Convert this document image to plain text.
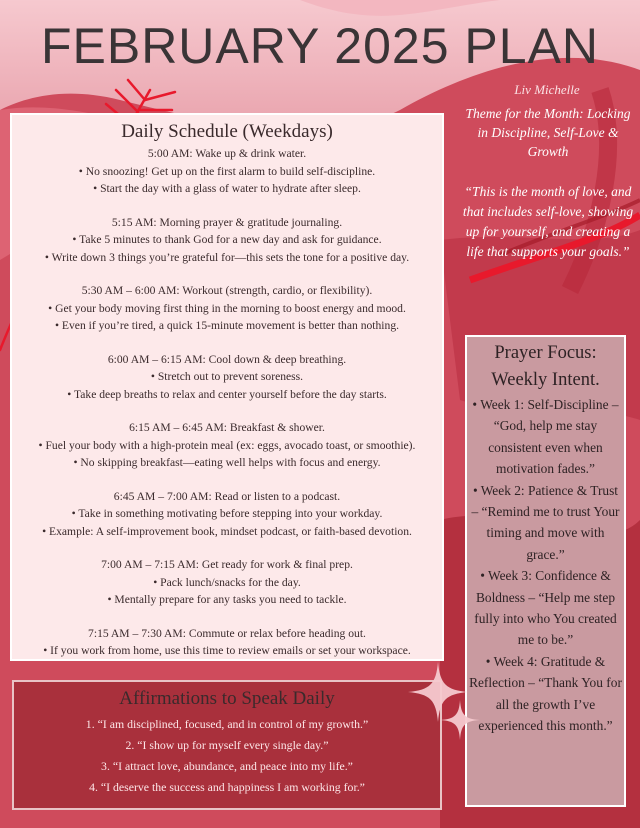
FEBRUARY 2025 PLAN
Liv Michelle
Theme for the Month: Locking in Discipline, Self-Love & Growth
“This is the month of love, and that includes self-love, showing up for yourself, and creating a life that supports your goals.”
Daily Schedule (Weekdays)
5:00 AM: Wake up & drink water.
• No snoozing! Get up on the first alarm to build self-discipline.
• Start the day with a glass of water to hydrate after sleep.
5:15 AM: Morning prayer & gratitude journaling.
• Take 5 minutes to thank God for a new day and ask for guidance.
• Write down 3 things you’re grateful for—this sets the tone for a positive day.
5:30 AM – 6:00 AM: Workout (strength, cardio, or flexibility).
• Get your body moving first thing in the morning to boost energy and mood.
• Even if you’re tired, a quick 15-minute movement is better than nothing.
6:00 AM – 6:15 AM: Cool down & deep breathing.
• Stretch out to prevent soreness.
• Take deep breaths to relax and center yourself before the day starts.
6:15 AM – 6:45 AM: Breakfast & shower.
• Fuel your body with a high-protein meal (ex: eggs, avocado toast, or smoothie).
• No skipping breakfast—eating well helps with focus and energy.
6:45 AM – 7:00 AM: Read or listen to a podcast.
• Take in something motivating before stepping into your workday.
• Example: A self-improvement book, mindset podcast, or faith-based devotion.
7:00 AM – 7:15 AM: Get ready for work & final prep.
• Pack lunch/snacks for the day.
• Mentally prepare for any tasks you need to tackle.
7:15 AM – 7:30 AM: Commute or relax before heading out.
• If you work from home, use this time to review emails or set your workspace.
Affirmations to Speak Daily
1. “I am disciplined, focused, and in control of my growth.”
2. “I show up for myself every single day.”
3. “I attract love, abundance, and peace into my life.”
4. “I deserve the success and happiness I am working for.”
Prayer Focus: Weekly Intent.
• Week 1: Self-Discipline – “God, help me stay consistent even when motivation fades.”
• Week 2: Patience & Trust – “Remind me to trust Your timing and move with grace.”
• Week 3: Confidence & Boldness – “Help me step fully into who You created me to be.”
• Week 4: Gratitude & Reflection – “Thank You for all the growth I’ve experienced this month.”
